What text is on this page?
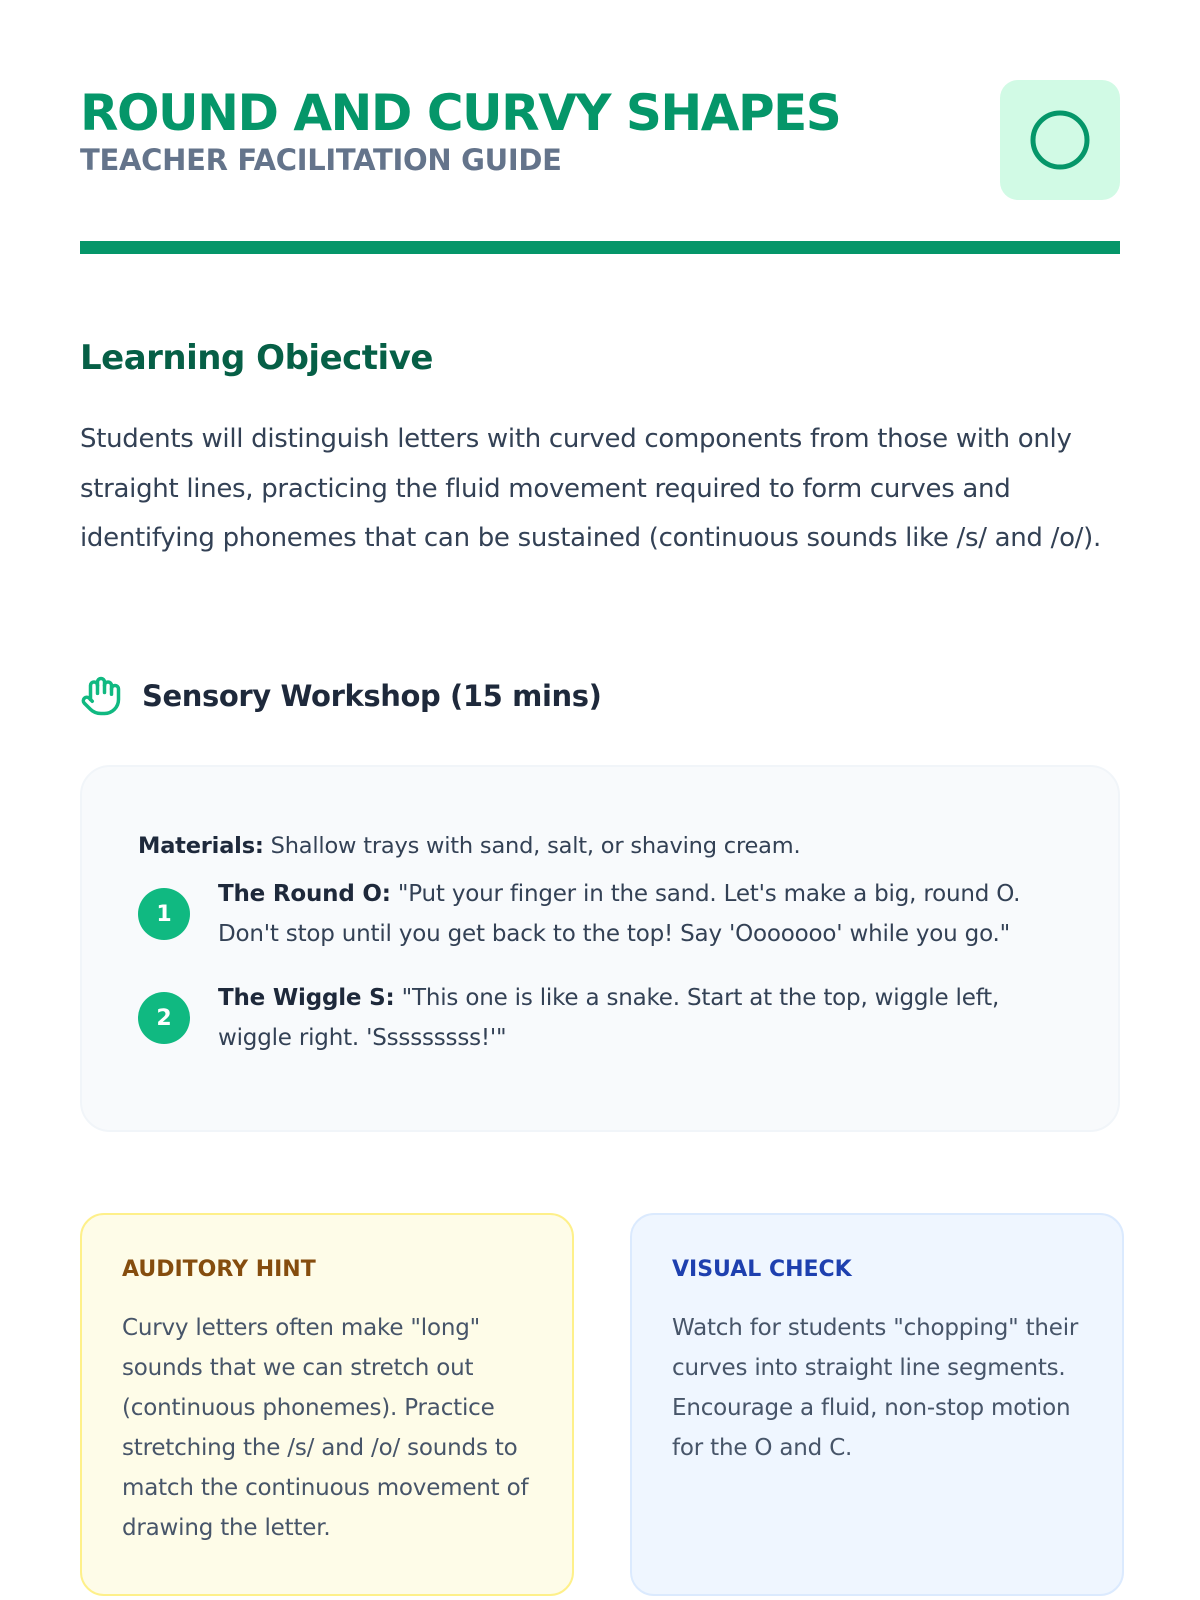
ROUND AND CURVY SHAPES
TEACHER FACILITATION GUIDE
Learning Objective

Students will distinguish letters with curved components from those with only straight lines, practicing the fluid movement required to form curves and identifying phonemes that can be sustained (continuous sounds like /s/ and /o/).

Sensory Workshop (15 mins)
Materials: Shallow trays with sand, salt, or shaving cream.
1
The Round O: "Put your finger in the sand. Let's make a big, round O. Don't stop until you get back to the top! Say 'Ooooooo' while you go."
2
The Wiggle S: "This one is like a snake. Start at the top, wiggle left, wiggle right. 'Sssssssss!'"
AUDITORY HINT
Curvy letters often make "long" sounds that we can stretch out (continuous phonemes). Practice stretching the /s/ and /o/ sounds to match the continuous movement of drawing the letter.
VISUAL CHECK
Watch for students "chopping" their curves into straight line segments. Encourage a fluid, non-stop motion for the O and C.
